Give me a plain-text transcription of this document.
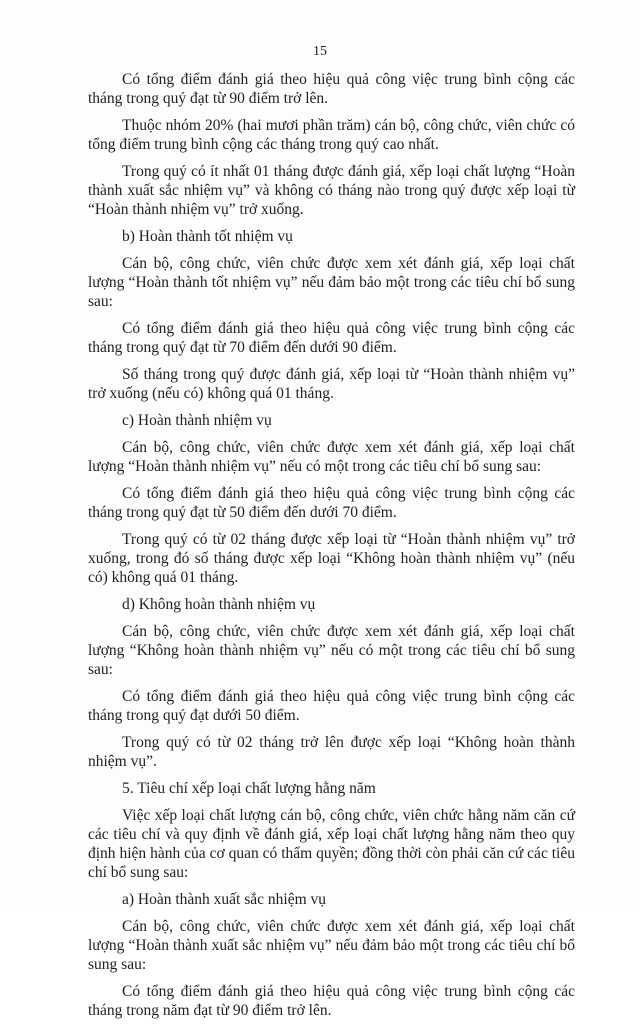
15

Có tổng điểm đánh giá theo hiệu quả công việc trung bình cộng các tháng trong quý đạt từ 90 điểm trở lên.

Thuộc nhóm 20% (hai mươi phần trăm) cán bộ, công chức, viên chức có tổng điểm trung bình cộng các tháng trong quý cao nhất.

Trong quý có ít nhất 01 tháng được đánh giá, xếp loại chất lượng “Hoàn thành xuất sắc nhiệm vụ” và không có tháng nào trong quý được xếp loại từ “Hoàn thành nhiệm vụ” trở xuống.

b) Hoàn thành tốt nhiệm vụ

Cán bộ, công chức, viên chức được xem xét đánh giá, xếp loại chất lượng “Hoàn thành tốt nhiệm vụ” nếu đảm bảo một trong các tiêu chí bổ sung sau:

Có tổng điểm đánh giá theo hiệu quả công việc trung bình cộng các tháng trong quý đạt từ 70 điểm đến dưới 90 điểm.

Số tháng trong quý được đánh giá, xếp loại từ “Hoàn thành nhiệm vụ” trở xuống (nếu có) không quá 01 tháng.

c) Hoàn thành nhiệm vụ

Cán bộ, công chức, viên chức được xem xét đánh giá, xếp loại chất lượng “Hoàn thành nhiệm vụ” nếu có một trong các tiêu chí bổ sung sau:

Có tổng điểm đánh giá theo hiệu quả công việc trung bình cộng các tháng trong quý đạt từ 50 điểm đến dưới 70 điểm.

Trong quý có từ 02 tháng được xếp loại từ “Hoàn thành nhiệm vụ” trở xuống, trong đó số tháng được xếp loại “Không hoàn thành nhiệm vụ” (nếu có) không quá 01 tháng.

d) Không hoàn thành nhiệm vụ

Cán bộ, công chức, viên chức được xem xét đánh giá, xếp loại chất lượng “Không hoàn thành nhiệm vụ” nếu có một trong các tiêu chí bổ sung sau:

Có tổng điểm đánh giá theo hiệu quả công việc trung bình cộng các tháng trong quý đạt dưới 50 điểm.

Trong quý có từ 02 tháng trở lên được xếp loại “Không hoàn thành nhiệm vụ”.

5. Tiêu chí xếp loại chất lượng hằng năm

Việc xếp loại chất lượng cán bộ, công chức, viên chức hằng năm căn cứ các tiêu chí và quy định về đánh giá, xếp loại chất lượng hằng năm theo quy định hiện hành của cơ quan có thẩm quyền; đồng thời còn phải căn cứ các tiêu chí bổ sung sau:

a) Hoàn thành xuất sắc nhiệm vụ

Cán bộ, công chức, viên chức được xem xét đánh giá, xếp loại chất lượng “Hoàn thành xuất sắc nhiệm vụ” nếu đảm bảo một trong các tiêu chí bổ sung sau:

Có tổng điểm đánh giá theo hiệu quả công việc trung bình cộng các tháng trong năm đạt từ 90 điểm trở lên.
